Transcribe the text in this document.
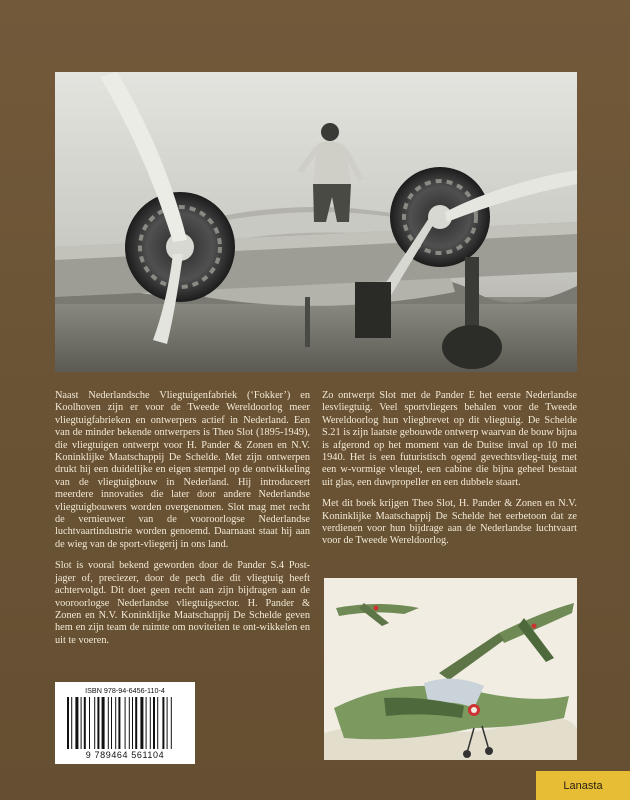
Naast Nederlandsche Vliegtuigenfabriek (‘Fokker’) en Koolhoven zijn er voor de Tweede Wereldoorlog meer vliegtuigfabrieken en ontwerpers actief in Nederland. Een van de minder bekende ontwerpers is Theo Slot (1895-1949), die vliegtuigen ontwerpt voor H. Pander & Zonen en N.V. Koninklijke Maatschappij De Schelde. Met zijn ontwerpen drukt hij een duidelijke en eigen stempel op de ontwikkeling van de vliegtuigbouw in Nederland. Hij introduceert meerdere innovaties die later door andere Nederlandse vliegtuigbouwers worden overgenomen. Slot mag met recht de vernieuwer van de vooroorlogse Nederlandse luchtvaartindustrie worden genoemd. Daarnaast staat hij aan de wieg van de sport-vliegerij in ons land.

Slot is vooral bekend geworden door de Pander S.4 Post-jager of, preciezer, door de pech die dit vliegtuig heeft achtervolgd. Dit doet geen recht aan zijn bijdragen aan de vooroorlogse Nederlandse vliegtuigsector. H. Pander & Zonen en N.V. Koninklijke Maatschappij De Schelde geven hem en zijn team de ruimte om noviteiten te ont-wikkelen en uit te voeren.

Zo ontwerpt Slot met de Pander E het eerste Nederlandse lesvliegtuig. Veel sportvliegers behalen voor de Tweede Wereldoorlog hun vliegbrevet op dit vliegtuig. De Schelde S.21 is zijn laatste gebouwde ontwerp waarvan de bouw bijna is afgerond op het moment van de Duitse inval op 10 mei 1940. Het is een futuristisch ogend gevechtsvlieg-tuig met een w-vormige vleugel, een cabine die bijna geheel bestaat uit glas, een duwpropeller en een dubbele staart.

Met dit boek krijgen Theo Slot, H. Pander & Zonen en N.V. Koninklijke Maatschappij De Schelde het eerbetoon dat ze verdienen voor hun bijdrage aan de Nederlandse luchtvaart voor de Tweede Wereldoorlog.

ISBN 978-94-6456-110-4
9 789464 561104
Lanasta
